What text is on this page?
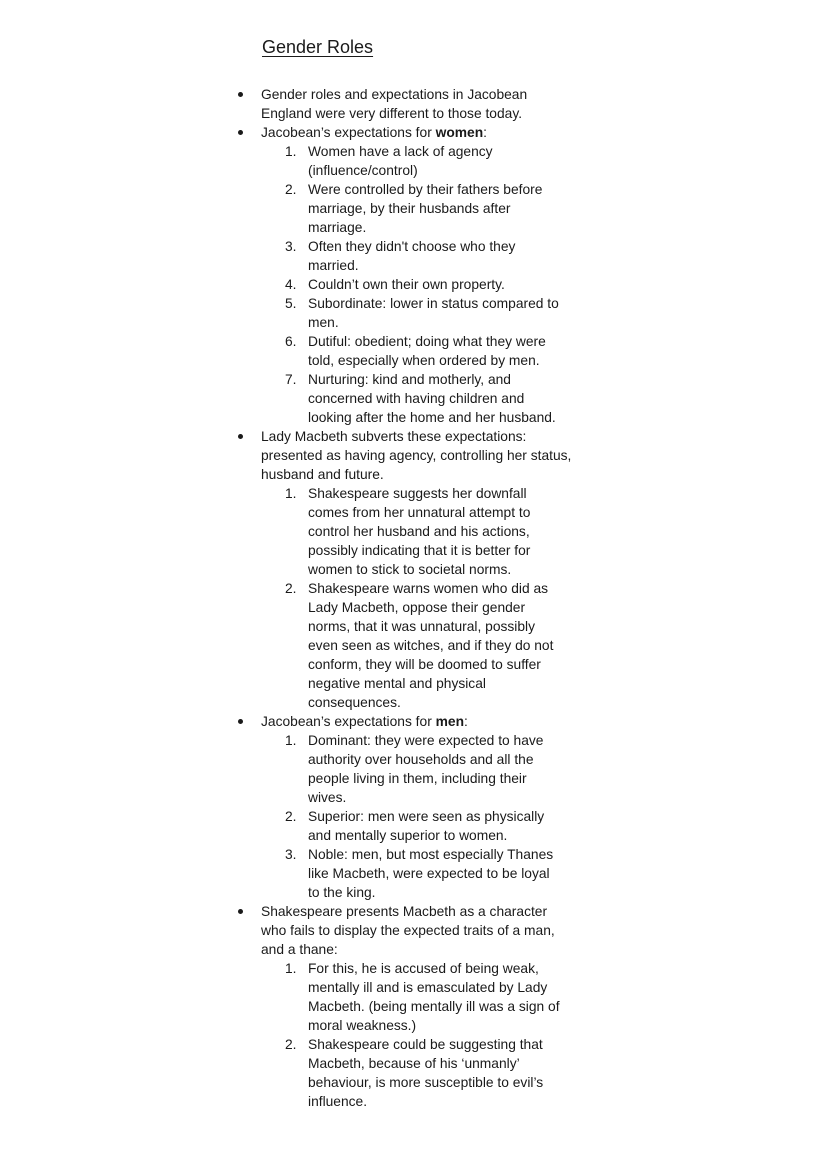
Gender Roles
Gender roles and expectations in Jacobean England were very different to those today.
Jacobean’s expectations for women:
1. Women have a lack of agency (influence/control)
2. Were controlled by their fathers before marriage, by their husbands after marriage.
3. Often they didn't choose who they married.
4. Couldn’t own their own property.
5. Subordinate: lower in status compared to men.
6. Dutiful: obedient; doing what they were told, especially when ordered by men.
7. Nurturing: kind and motherly, and concerned with having children and looking after the home and her husband.
Lady Macbeth subverts these expectations: presented as having agency, controlling her status, husband and future.
1. Shakespeare suggests her downfall comes from her unnatural attempt to control her husband and his actions, possibly indicating that it is better for women to stick to societal norms.
2. Shakespeare warns women who did as Lady Macbeth, oppose their gender norms, that it was unnatural, possibly even seen as witches, and if they do not conform, they will be doomed to suffer negative mental and physical consequences.
Jacobean’s expectations for men:
1. Dominant: they were expected to have authority over households and all the people living in them, including their wives.
2. Superior: men were seen as physically and mentally superior to women.
3. Noble: men, but most especially Thanes like Macbeth, were expected to be loyal to the king.
Shakespeare presents Macbeth as a character who fails to display the expected traits of a man, and a thane:
1. For this, he is accused of being weak, mentally ill and is emasculated by Lady Macbeth. (being mentally ill was a sign of moral weakness.)
2. Shakespeare could be suggesting that Macbeth, because of his ‘unmanly’ behaviour, is more susceptible to evil’s influence.
